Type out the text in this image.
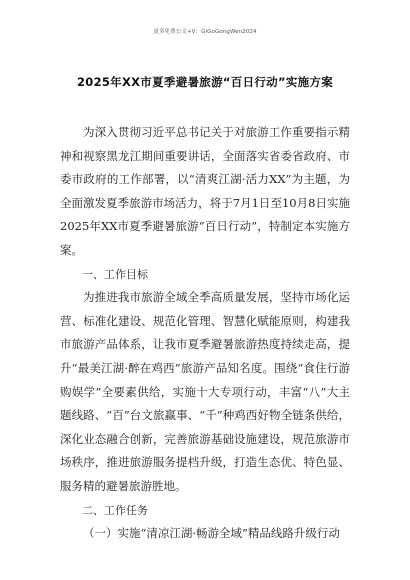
更多免费公文+V：GiGoGongWen2024
2025年XX市夏季避暑旅游“百日行动”实施方案

为深入贯彻习近平总书记关于对旅游工作重要指示精神和视察黑龙江期间重要讲话，全面落实省委省政府、市委市政府的工作部署，以“清爽江湖·活力XX”为主题，为全面激发夏季旅游市场活力，将于7月1日至10月8日实施2025年XX市夏季避暑旅游“百日行动”，特制定本实施方案。

一、工作目标

为推进我市旅游全域全季高质量发展，坚持市场化运营、标准化建设、规范化管理、智慧化赋能原则，构建我市旅游产品体系，让我市夏季避暑旅游热度持续走高，提升“最美江湖·醉在鸡西”旅游产品知名度。围绕“食住行游购娱学”全要素供给，实施十大专项行动，丰富“八”大主题线路、“百”台文旅赢事、“千”种鸡西好物全链条供给，深化业态融合创新，完善旅游基础设施建设，规范旅游市场秩序，推进旅游服务提档升级，打造生态优、特色显、服务精的避暑旅游胜地。

二、工作任务

（一）实施“清凉江湖·畅游全域”精品线路升级行动
